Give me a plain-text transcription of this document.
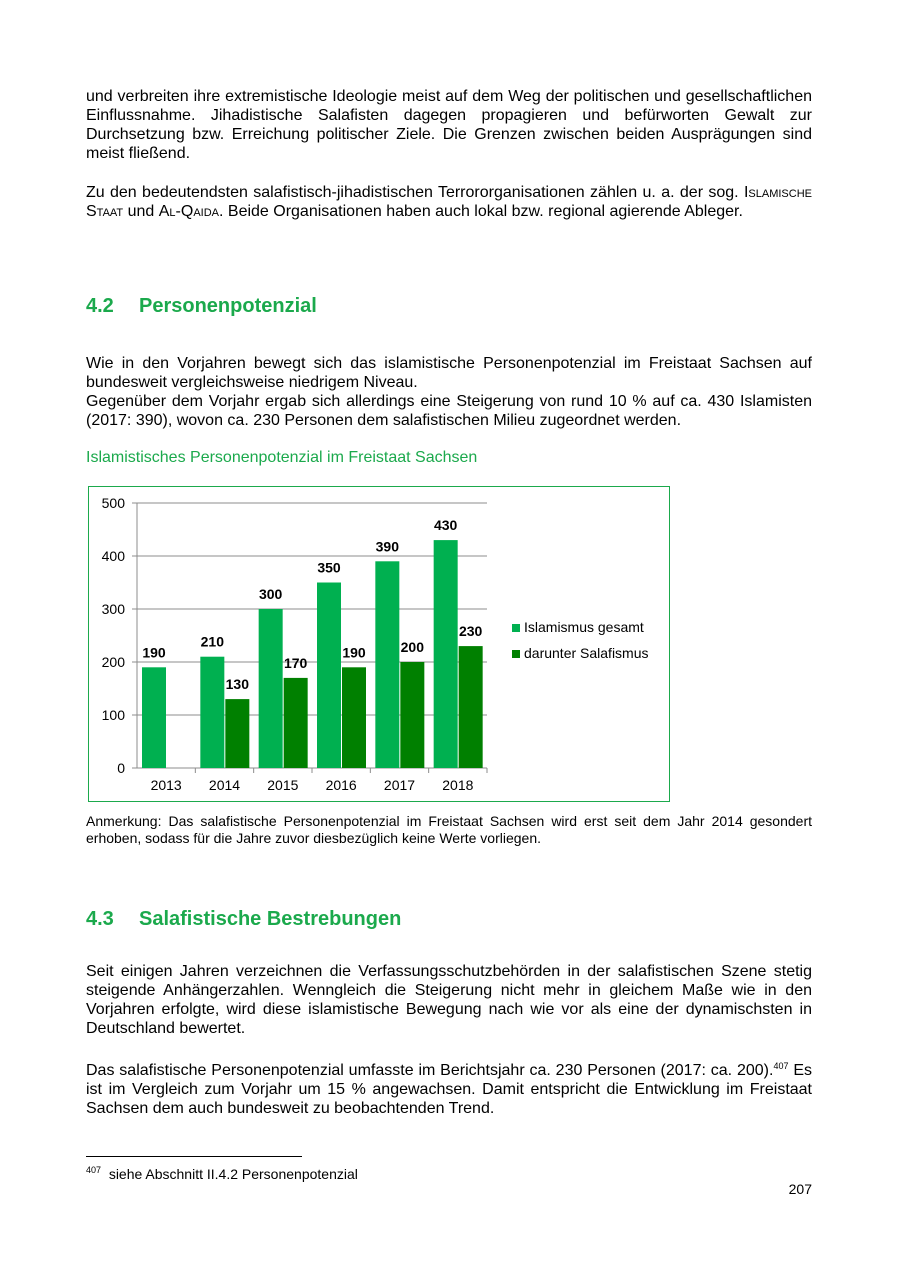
und verbreiten ihre extremistische Ideologie meist auf dem Weg der politischen und gesellschaftlichen Einflussnahme. Jihadistische Salafisten dagegen propagieren und befürworten Gewalt zur Durchsetzung bzw. Erreichung politischer Ziele. Die Grenzen zwischen beiden Ausprägungen sind meist fließend.

Zu den bedeutendsten salafistisch-jihadistischen Terrororganisationen zählen u. a. der sog. Islamische Staat und Al-Qaida. Beide Organisationen haben auch lokal bzw. regional agierende Ableger.

4.2 Personenpotenzial

Wie in den Vorjahren bewegt sich das islamistische Personenpotenzial im Freistaat Sachsen auf bundesweit vergleichsweise niedrigem Niveau.

Gegenüber dem Vorjahr ergab sich allerdings eine Steigerung von rund 10 % auf ca. 430 Islamisten (2017: 390), wovon ca. 230 Personen dem salafistischen Milieu zugeordnet werden.

Islamistisches Personenpotenzial im Freistaat Sachsen
0
100
200
300
400
500
2013
190
2014
210
130
2015
300
170
2016
350
190
2017
390
200
2018
430
230	Islamismus gesamt
darunter Salafismus

Anmerkung: Das salafistische Personenpotenzial im Freistaat Sachsen wird erst seit dem Jahr 2014 gesondert erhoben, sodass für die Jahre zuvor diesbezüglich keine Werte vorliegen.

4.3 Salafistische Bestrebungen

Seit einigen Jahren verzeichnen die Verfassungsschutzbehörden in der salafistischen Szene stetig steigende Anhängerzahlen. Wenngleich die Steigerung nicht mehr in gleichem Maße wie in den Vorjahren erfolgte, wird diese islamistische Bewegung nach wie vor als eine der dynamischsten in Deutschland bewertet.

Das salafistische Personenpotenzial umfasste im Berichtsjahr ca. 230 Personen (2017: ca. 200).$^{407}$ Es ist im Vergleich zum Vorjahr um 15 % angewachsen. Damit entspricht die Entwicklung im Freistaat Sachsen dem auch bundesweit zu beobachtenden Trend.

$^{407}$ siehe Abschnitt II.4.2 Personenpotenzial
207
